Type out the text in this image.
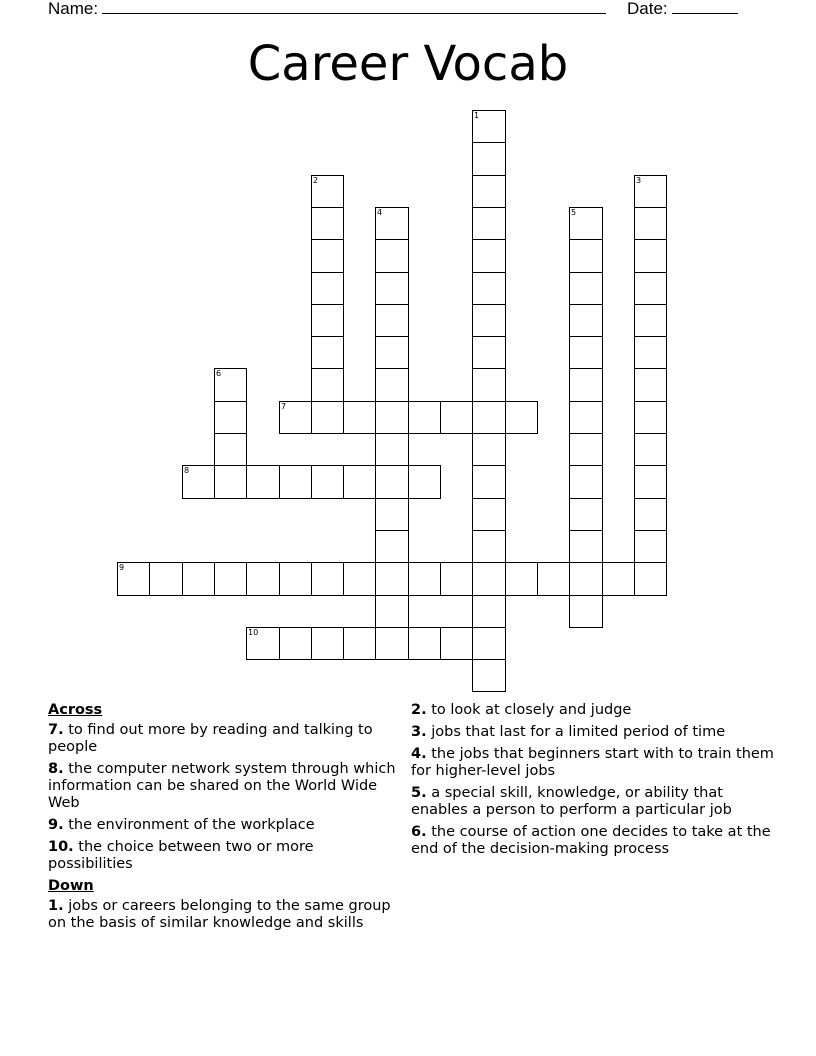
Name:	Date:
Career Vocab
1
2	3
4	5
6
7
8
9
10
Across
7. to find out more by reading and talking to people
8. the computer network system through which information can be shared on the World Wide Web
9. the environment of the workplace
10. the choice between two or more possibilities
Down
1. jobs or careers belonging to the same group on the basis of similar knowledge and skills
2. to look at closely and judge
3. jobs that last for a limited period of time
4. the jobs that beginners start with to train them for higher-level jobs
5. a special skill, knowledge, or ability that enables a person to perform a particular job
6. the course of action one decides to take at the end of the decision-making process
